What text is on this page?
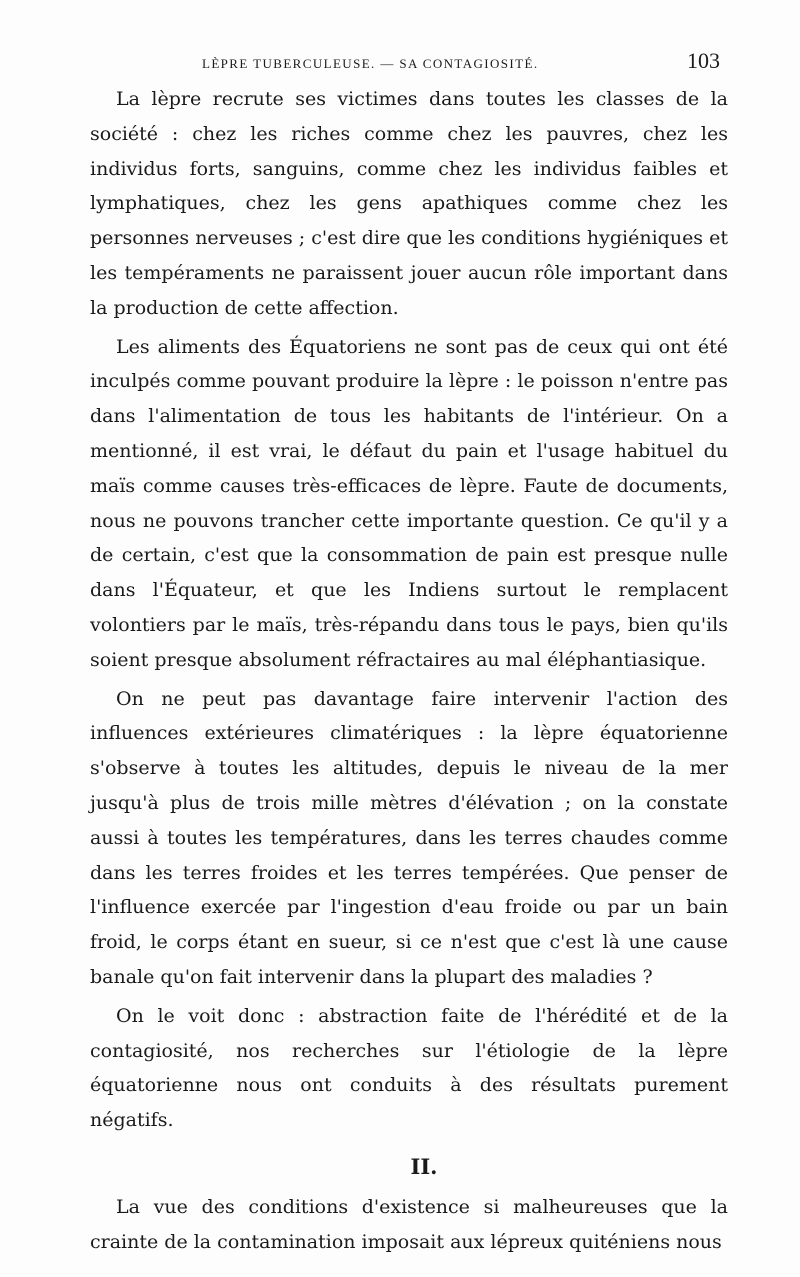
LÈPRE TUBERCULEUSE. — SA CONTAGIOSITÉ.	103

La lèpre recrute ses victimes dans toutes les classes de la société : chez les riches comme chez les pauvres, chez les individus forts, sanguins, comme chez les individus faibles et lymphatiques, chez les gens apathiques comme chez les personnes nerveuses ; c'est dire que les conditions hygiéniques et les tempéraments ne paraissent jouer aucun rôle important dans la production de cette affection.

Les aliments des Équatoriens ne sont pas de ceux qui ont été inculpés comme pouvant produire la lèpre : le poisson n'entre pas dans l'alimentation de tous les habitants de l'intérieur. On a mentionné, il est vrai, le défaut du pain et l'usage habituel du maïs comme causes très-efficaces de lèpre. Faute de documents, nous ne pouvons trancher cette importante question. Ce qu'il y a de certain, c'est que la consommation de pain est presque nulle dans l'Équateur, et que les Indiens surtout le remplacent volontiers par le maïs, très-répandu dans tous le pays, bien qu'ils soient presque absolument réfractaires au mal éléphantiasique.

On ne peut pas davantage faire intervenir l'action des influences extérieures climatériques : la lèpre équatorienne s'observe à toutes les altitudes, depuis le niveau de la mer jusqu'à plus de trois mille mètres d'élévation ; on la constate aussi à toutes les températures, dans les terres chaudes comme dans les terres froides et les terres tempérées. Que penser de l'influence exercée par l'ingestion d'eau froide ou par un bain froid, le corps étant en sueur, si ce n'est que c'est là une cause banale qu'on fait intervenir dans la plupart des maladies ?

On le voit donc : abstraction faite de l'hérédité et de la contagiosité, nos recherches sur l'étiologie de la lèpre équatorienne nous ont conduits à des résultats purement négatifs.

II.

La vue des conditions d'existence si malheureuses que la crainte de la contamination imposait aux lépreux quiténiens nous
